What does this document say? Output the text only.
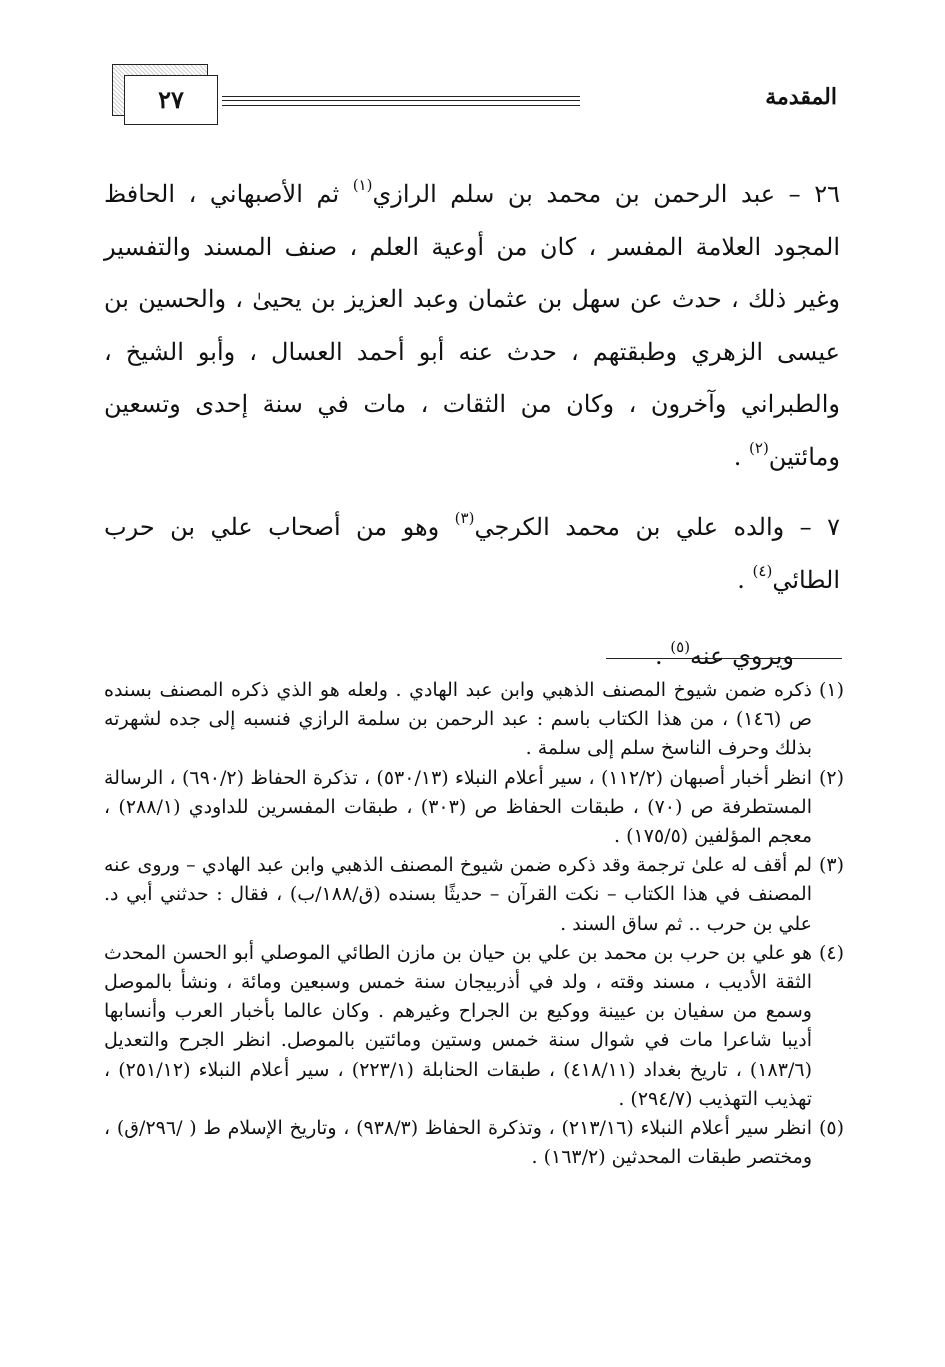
٢٧	المقدمة

٢٦ – عبد الرحمن بن محمد بن سلم الرازي$^{(١)}$ ثم الأصبهاني ، الحافظ المجود العلامة المفسر ، كان من أوعية العلم ، صنف المسند والتفسير وغير ذلك ، حدث عن سهل بن عثمان وعبد العزيز بن يحيىٰ ، والحسين بن عيسى الزهري وطبقتهم ، حدث عنه أبو أحمد العسال ، وأبو الشيخ ، والطبراني وآخرون ، وكان من الثقات ، مات في سنة إحدى وتسعين ومائتين$^{(٢)}$ .

٧ – والده علي بن محمد الكرجي$^{(٣)}$ وهو من أصحاب علي بن حرب الطائي$^{(٤)}$ .

ويروي عنه$^{(٥)}$ .

(١)
ذكره ضمن شيوخ المصنف الذهبي وابن عبد الهادي . ولعله هو الذي ذكره المصنف بسنده ص (١٤٦) ، من هذا الكتاب باسم : عبد الرحمن بن سلمة الرازي فنسبه إلى جده لشهرته بذلك وحرف الناسخ سلم إلى سلمة .

(٢)
انظر أخبار أصبهان (١١٢/٢) ، سير أعلام النبلاء (٥٣٠/١٣) ، تذكرة الحفاظ (٦٩٠/٢) ، الرسالة المستطرفة ص (٧٠) ، طبقات الحفاظ ص (٣٠٣) ، طبقات المفسرين للداودي (٢٨٨/١) ، معجم المؤلفين (١٧٥/٥) .

(٣)
لم أقف له علىٰ ترجمة وقد ذكره ضمن شيوخ المصنف الذهبي وابن عبد الهادي – وروى عنه المصنف في هذا الكتاب – نكت القرآن – حديثًا بسنده (ق/١٨٨/ب) ، فقال : حدثني أبي د. علي بن حرب .. ثم ساق السند .

(٤)
هو علي بن حرب بن محمد بن علي بن حيان بن مازن الطائي الموصلي أبو الحسن المحدث الثقة الأديب ، مسند وقته ، ولد في أذربيجان سنة خمس وسبعين ومائة ، ونشأ بالموصل وسمع من سفيان بن عيينة ووكيع بن الجراح وغيرهم . وكان عالما بأخبار العرب وأنسابها أديبا شاعرا مات في شوال سنة خمس وستين ومائتين بالموصل. انظر الجرح والتعديل (١٨٣/٦) ، تاريخ بغداد (٤١٨/١١) ، طبقات الحنابلة (٢٢٣/١) ، سير أعلام النبلاء (٢٥١/١٢) ، تهذيب التهذيب (٢٩٤/٧) .

(٥)
انظر سير أعلام النبلاء (٢١٣/١٦) ، وتذكرة الحفاظ (٩٣٨/٣) ، وتاريخ الإسلام ط ( /٢٩٦/ق) ، ومختصر طبقات المحدثين (١٦٣/٢) .
